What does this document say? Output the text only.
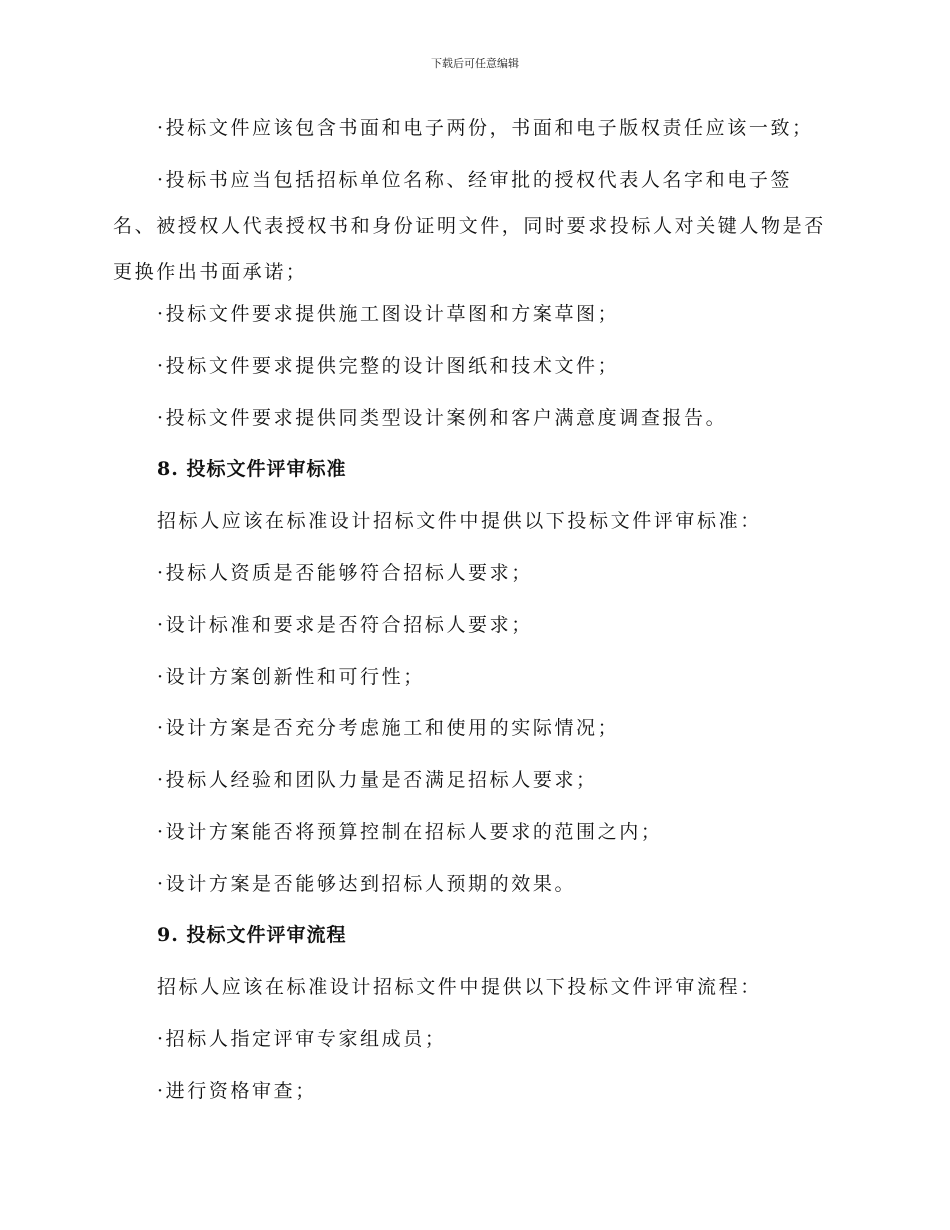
下载后可任意编辑
·投标文件应该包含书面和电子两份，书面和电子版权责任应该一致；
·投标书应当包括招标单位名称、经审批的授权代表人名字和电子签
名、被授权人代表授权书和身份证明文件，同时要求投标人对关键人物是否
更换作出书面承诺；
·投标文件要求提供施工图设计草图和方案草图；
·投标文件要求提供完整的设计图纸和技术文件；
·投标文件要求提供同类型设计案例和客户满意度调查报告。
8. 投标文件评审标准
招标人应该在标准设计招标文件中提供以下投标文件评审标准：
·投标人资质是否能够符合招标人要求；
·设计标准和要求是否符合招标人要求；
·设计方案创新性和可行性；
·设计方案是否充分考虑施工和使用的实际情况；
·投标人经验和团队力量是否满足招标人要求；
·设计方案能否将预算控制在招标人要求的范围之内；
·设计方案是否能够达到招标人预期的效果。
9. 投标文件评审流程
招标人应该在标准设计招标文件中提供以下投标文件评审流程：
·招标人指定评审专家组成员；
·进行资格审查；
